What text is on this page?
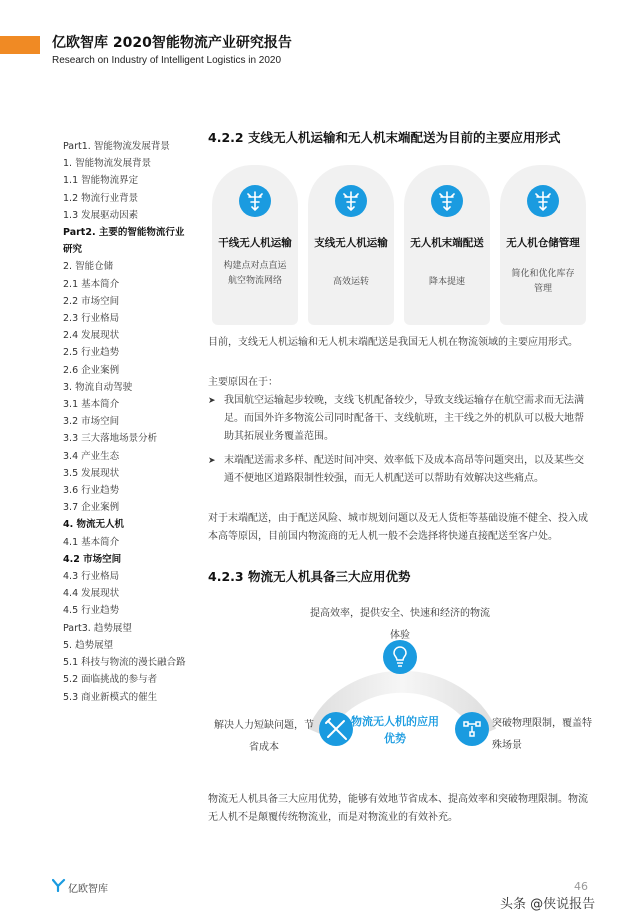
亿欧智库 2020智能物流产业研究报告
Research on Industry of Intelligent Logistics in 2020
Part1. 智能物流发展背景
1. 智能物流发展背景
1.1 智能物流界定
1.2 物流行业背景
1.3 发展驱动因素
Part2. 主要的智能物流行业研究
2. 智能仓储
2.1 基本简介
2.2 市场空间
2.3 行业格局
2.4 发展现状
2.5 行业趋势
2.6 企业案例
3. 物流自动驾驶
3.1 基本简介
3.2 市场空间
3.3 三大落地场景分析
3.4 产业生态
3.5 发展现状
3.6 行业趋势
3.7 企业案例
4. 物流无人机
4.1 基本简介
4.2 市场空间
4.3 行业格局
4.4 发展现状
4.5 行业趋势
Part3. 趋势展望
5. 趋势展望
5.1 科技与物流的漫长融合路
5.2 面临挑战的参与者
5.3 商业新模式的催生
4.2.2 支线无人机运输和无人机末端配送为目前的主要应用形式
干线无人机运输
构建点对点直运航空物流网络
支线无人机运输
高效运转
无人机末端配送
降本提速
无人机仓储管理
简化和优化库存管理
目前，支线无人机运输和无人机末端配送是我国无人机在物流领域的主要应用形式。
主要原因在于：
➤ 我国航空运输起步较晚，支线飞机配备较少，导致支线运输存在航空需求而无法满足。而国外许多物流公司同时配备干、支线航班，主干线之外的机队可以极大地帮助其拓展业务覆盖范围。
➤ 末端配送需求多样、配送时间冲突、效率低下及成本高昂等问题突出，以及某些交通不便地区道路限制性较强，而无人机配送可以帮助有效解决这些痛点。
对于末端配送，由于配送风险、城市规划问题以及无人货柜等基础设施不健全、投入成本高等原因，目前国内物流商的无人机一般不会选择将快递直接配送至客户处。
4.2.3 物流无人机具备三大应用优势
提高效率，提供安全、快速和经济的物流体验
解决人力短缺问题，节省成本
物流无人机的应用优势
突破物理限制，覆盖特殊场景
物流无人机具备三大应用优势，能够有效地节省成本、提高效率和突破物理限制。物流无人机不是颠覆传统物流业，而是对物流业的有效补充。
亿欧智库	46
头条 @侠说报告
